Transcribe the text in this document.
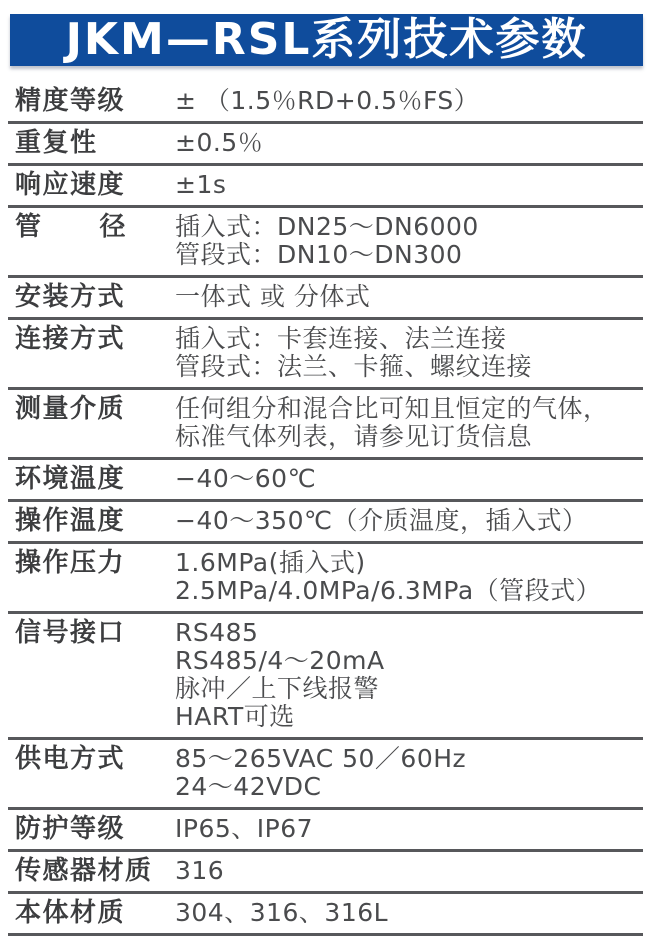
JKM—RSL系列技术参数
精度等级	± （1.5％RD+0.5％FS）
重复性	±0.5％
响应速度	±1s
管 径	插入式：DN25～DN6000
管段式：DN10～DN300
安装方式	一体式 或 分体式
连接方式	插入式：卡套连接、法兰连接
管段式：法兰、卡箍、螺纹连接
测量介质	任何组分和混合比可知且恒定的气体，
标准气体列表，请参见订货信息
环境温度	−40～60℃
操作温度	−40～350℃（介质温度，插入式）
操作压力	1.6MPa(插入式)
2.5MPa/4.0MPa/6.3MPa（管段式）
信号接口	RS485
RS485/4～20mA
脉冲／上下线报警
HART可选
供电方式	85～265VAC 50／60Hz
24～42VDC
防护等级	IP65、IP67
传感器材质 316
本体材质	304、316、316L
